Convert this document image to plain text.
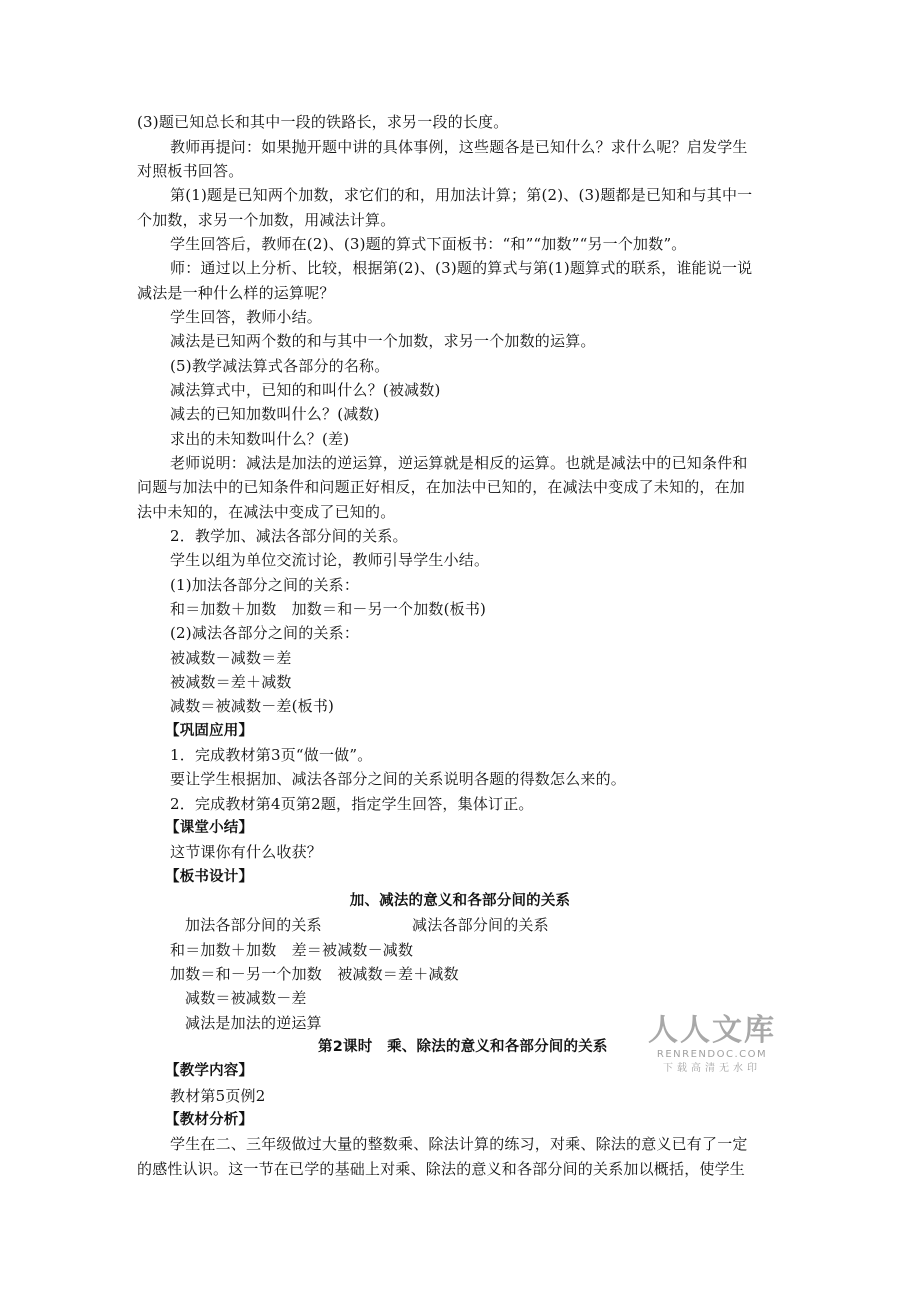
(3)题已知总长和其中一段的铁路长，求另一段的长度。
教师再提问：如果抛开题中讲的具体事例，这些题各是已知什么？求什么呢？启发学生
对照板书回答。
第(1)题是已知两个加数，求它们的和，用加法计算；第(2)、(3)题都是已知和与其中一
个加数，求另一个加数，用减法计算。
学生回答后，教师在(2)、(3)题的算式下面板书：“和”“加数”“另一个加数”。
师：通过以上分析、比较，根据第(2)、(3)题的算式与第(1)题算式的联系，谁能说一说
减法是一种什么样的运算呢？
学生回答，教师小结。
减法是已知两个数的和与其中一个加数，求另一个加数的运算。
(5)教学减法算式各部分的名称。
减法算式中，已知的和叫什么？(被减数)
减去的已知加数叫什么？(减数)
求出的未知数叫什么？(差)
老师说明：减法是加法的逆运算，逆运算就是相反的运算。也就是减法中的已知条件和
问题与加法中的已知条件和问题正好相反，在加法中已知的，在减法中变成了未知的，在加
法中未知的，在减法中变成了已知的。
2．教学加、减法各部分间的关系。
学生以组为单位交流讨论，教师引导学生小结。
(1)加法各部分之间的关系：
和＝加数＋加数　加数＝和－另一个加数(板书)
(2)减法各部分之间的关系：
被减数－减数＝差
被减数＝差＋减数
减数＝被减数－差(板书)
【巩固应用】
1．完成教材第3页“做一做”。
要让学生根据加、减法各部分之间的关系说明各题的得数怎么来的。
2．完成教材第4页第2题，指定学生回答，集体订正。
【课堂小结】
这节课你有什么收获？
【板书设计】
加、减法的意义和各部分间的关系
加法各部分间的关系	减法各部分间的关系
和＝加数＋加数　差＝被减数－减数
加数＝和－另一个加数　被减数＝差＋减数
减数＝被减数－差
减法是加法的逆运算
第2课时　乘、除法的意义和各部分间的关系
【教学内容】
教材第5页例2
【教材分析】
学生在二、三年级做过大量的整数乘、除法计算的练习，对乘、除法的意义已有了一定
的感性认识。这一节在已学的基础上对乘、除法的意义和各部分间的关系加以概括，使学生
人人文库
RENRENDOC.COM
下载高清无水印
